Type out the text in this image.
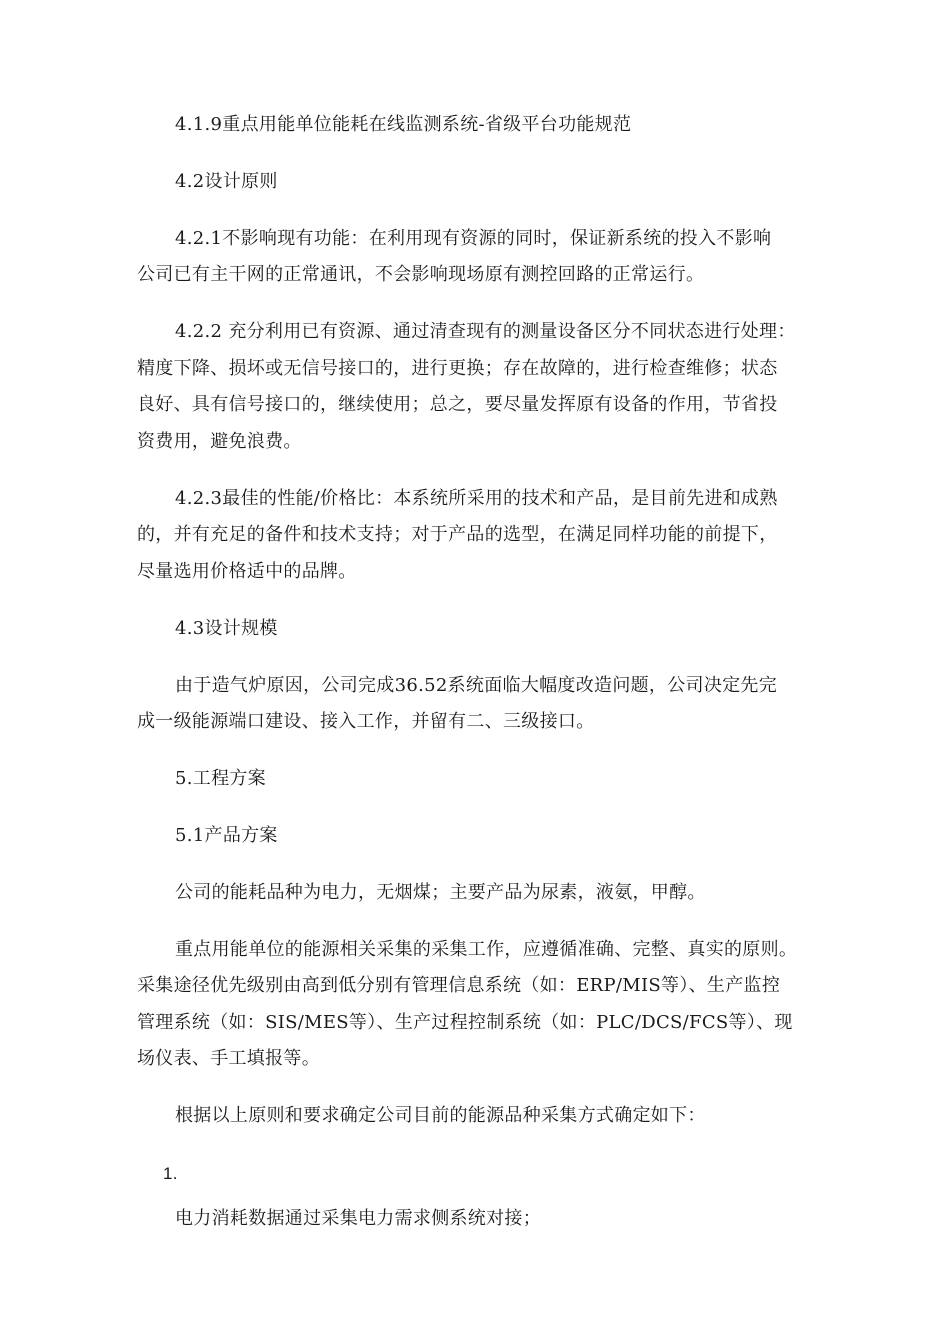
4.1.9重点用能单位能耗在线监测系统-省级平台功能规范
4.2设计原则
4.2.1不影响现有功能：在利用现有资源的同时，保证新系统的投入不影响
公司已有主干网的正常通讯，不会影响现场原有测控回路的正常运行。
4.2.2 充分利用已有资源、通过清查现有的测量设备区分不同状态进行处理：
精度下降、损坏或无信号接口的，进行更换；存在故障的，进行检查维修；状态
良好、具有信号接口的，继续使用；总之，要尽量发挥原有设备的作用，节省投
资费用，避免浪费。
4.2.3最佳的性能/价格比：本系统所采用的技术和产品，是目前先进和成熟
的，并有充足的备件和技术支持；对于产品的选型，在满足同样功能的前提下，
尽量选用价格适中的品牌。
4.3设计规模
由于造气炉原因，公司完成36.52系统面临大幅度改造问题，公司决定先完
成一级能源端口建设、接入工作，并留有二、三级接口。
5.工程方案
5.1产品方案
公司的能耗品种为电力，无烟煤；主要产品为尿素，液氨，甲醇。
重点用能单位的能源相关采集的采集工作，应遵循准确、完整、真实的原则。
采集途径优先级别由高到低分别有管理信息系统（如：ERP/MIS等）、生产监控
管理系统（如：SIS/MES等）、生产过程控制系统（如：PLC/DCS/FCS等）、现
场仪表、手工填报等。
根据以上原则和要求确定公司目前的能源品种采集方式确定如下：
1.
电力消耗数据通过采集电力需求侧系统对接；
